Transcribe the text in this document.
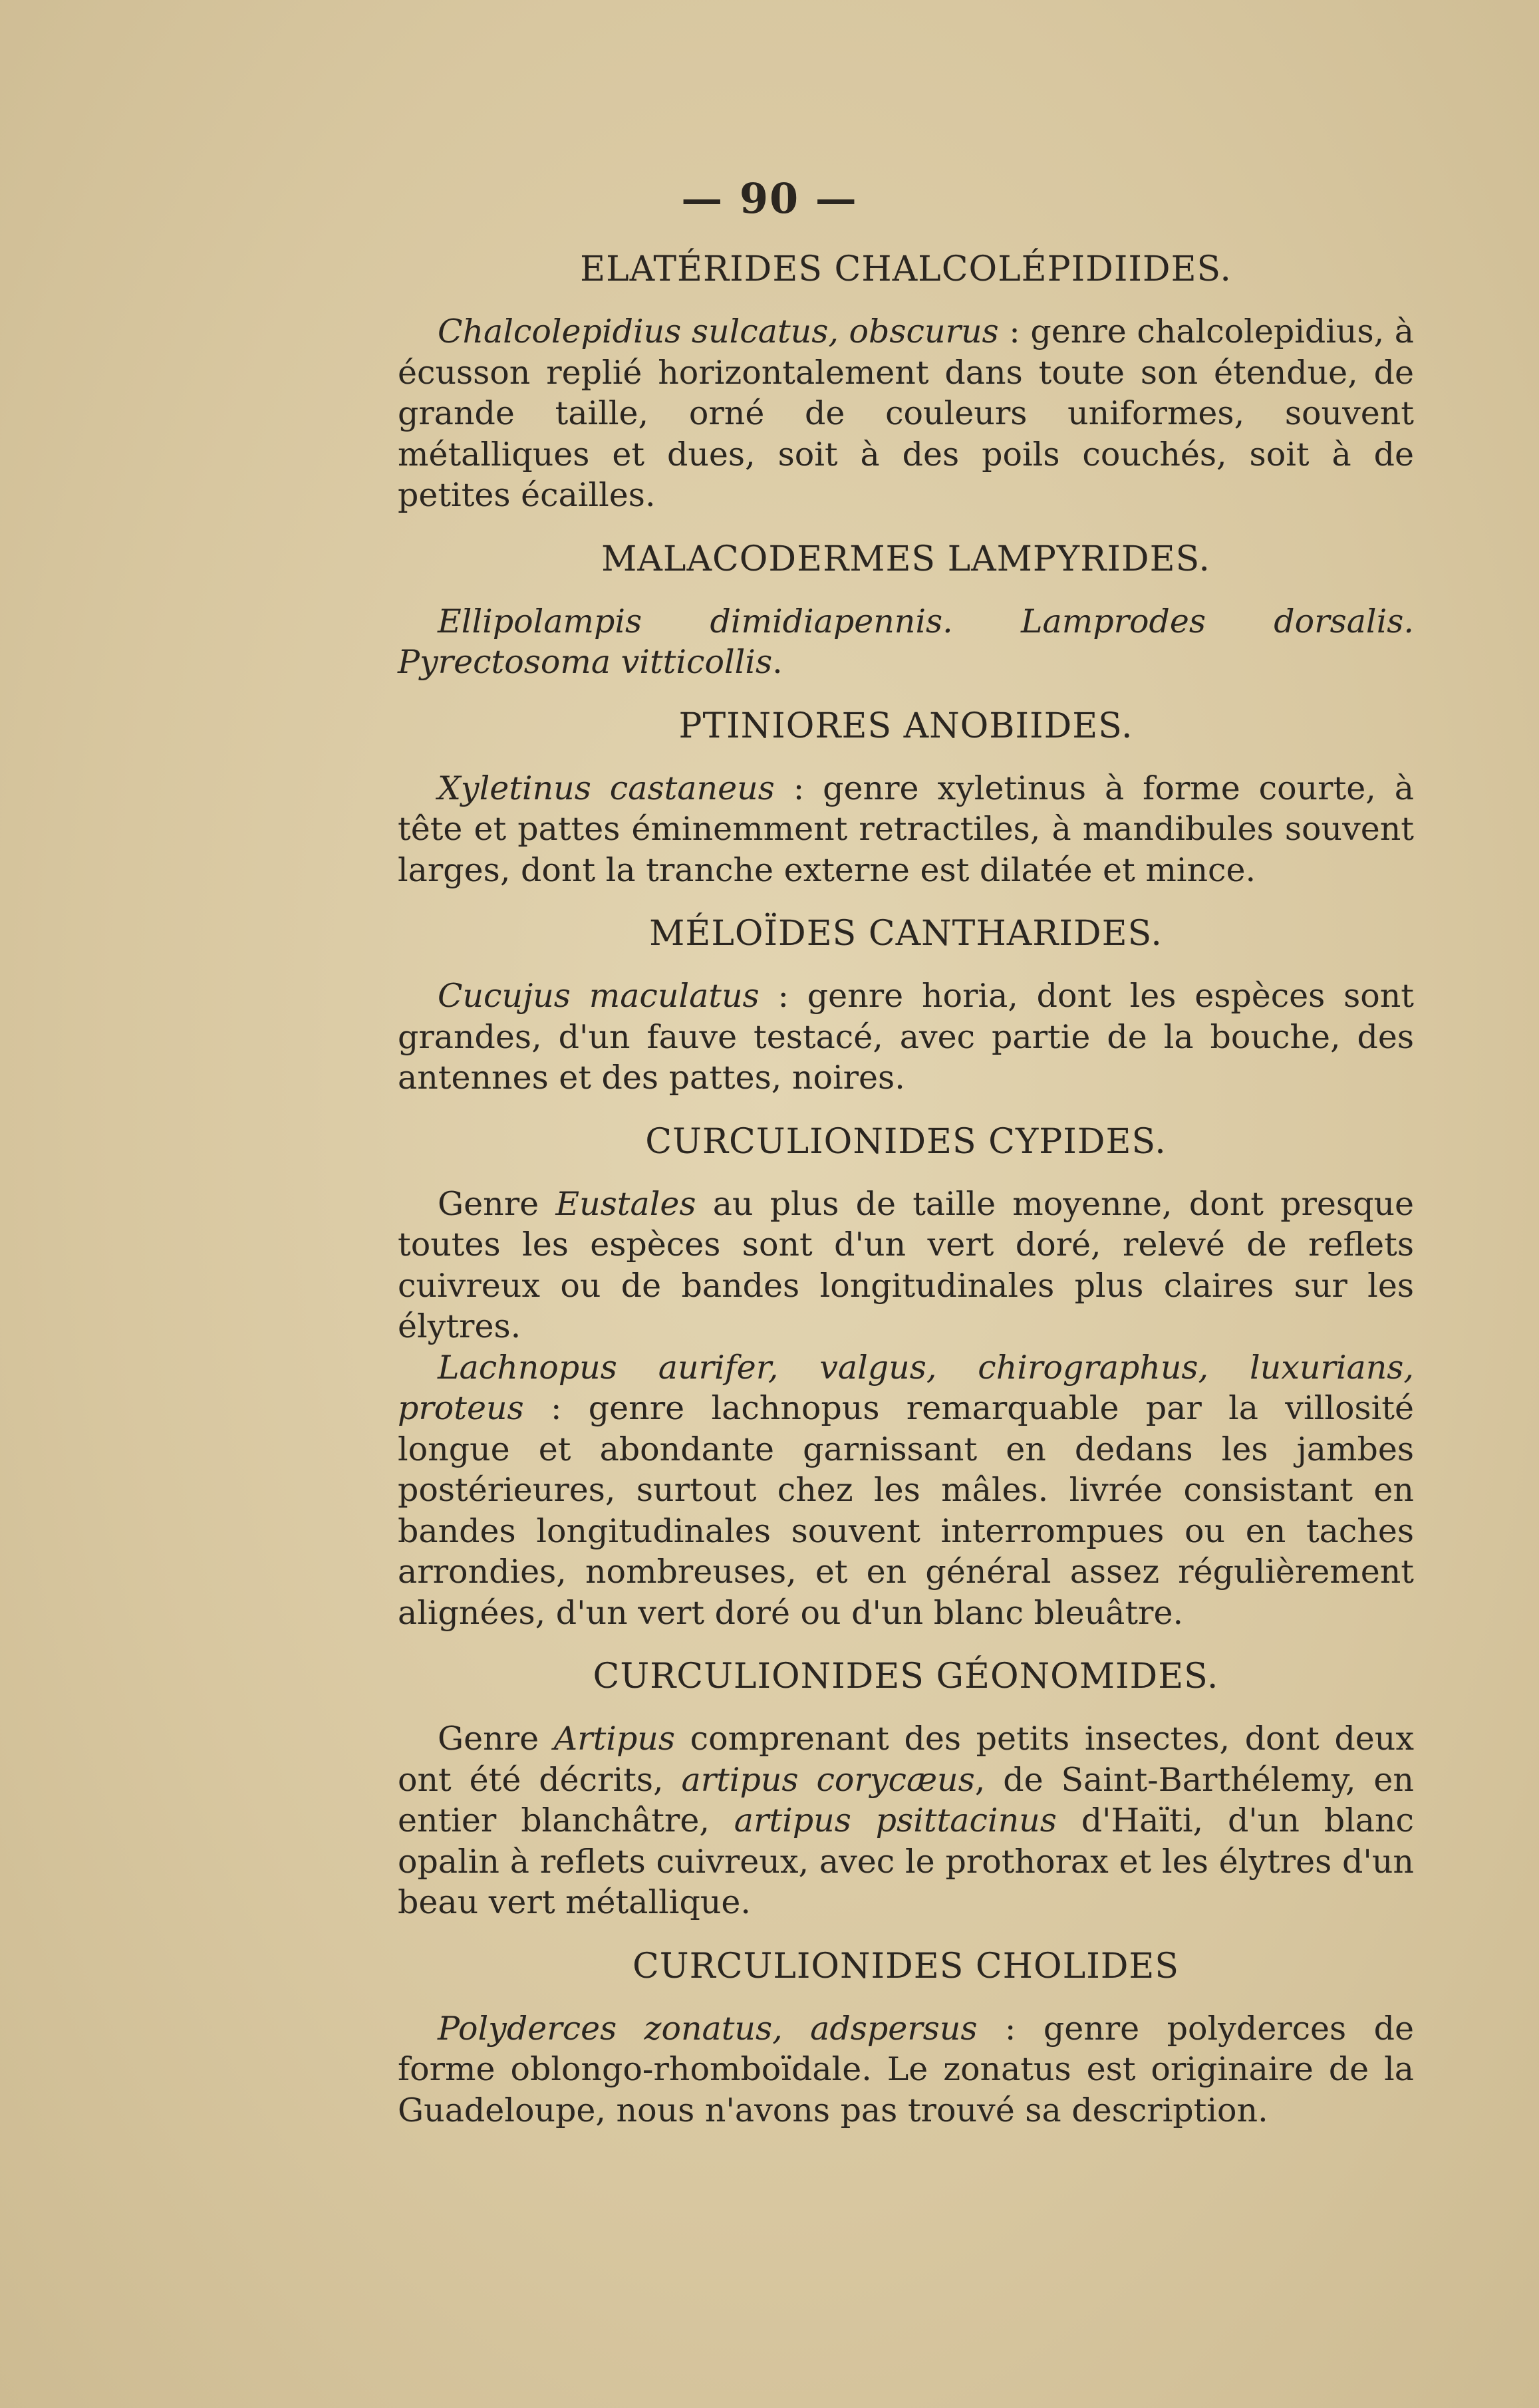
— 90 —
ELATÉRIDES CHALCOLÉPIDIIDES.

Chalcolepidius sulcatus, obscurus : genre chalcolepidius, à écusson replié horizontalement dans toute son étendue, de grande taille, orné de couleurs uniformes, souvent métalliques et dues, soit à des poils couchés, soit à de petites écailles.

MALACODERMES LAMPYRIDES.

Ellipolampis dimidiapennis. Lamprodes dorsalis. Pyrectosoma vitticollis.

PTINIORES ANOBIIDES.

Xyletinus castaneus : genre xyletinus à forme courte, à tête et pattes éminemment retractiles, à mandibules souvent larges, dont la tranche externe est dilatée et mince.

MÉLOÏDES CANTHARIDES.

Cucujus maculatus : genre horia, dont les espèces sont grandes, d'un fauve testacé, avec partie de la bouche, des antennes et des pattes, noires.

CURCULIONIDES CYPIDES.

Genre Eustales au plus de taille moyenne, dont presque toutes les espèces sont d'un vert doré, relevé de reflets cuivreux ou de bandes longitudinales plus claires sur les élytres.

Lachnopus aurifer, valgus, chirographus, luxurians, proteus : genre lachnopus remarquable par la villosité longue et abondante garnissant en dedans les jambes postérieures, surtout chez les mâles. livrée consistant en bandes longitudinales souvent interrompues ou en taches arrondies, nombreuses, et en général assez régulièrement alignées, d'un vert doré ou d'un blanc bleuâtre.

CURCULIONIDES GÉONOMIDES.

Genre Artipus comprenant des petits insectes, dont deux ont été décrits, artipus corycæus, de Saint-Barthélemy, en entier blanchâtre, artipus psittacinus d'Haïti, d'un blanc opalin à reflets cuivreux, avec le prothorax et les élytres d'un beau vert métallique.

CURCULIONIDES CHOLIDES

Polyderces zonatus, adspersus : genre polyderces de forme oblongo-rhomboïdale. Le zonatus est originaire de la Guadeloupe, nous n'avons pas trouvé sa description.
